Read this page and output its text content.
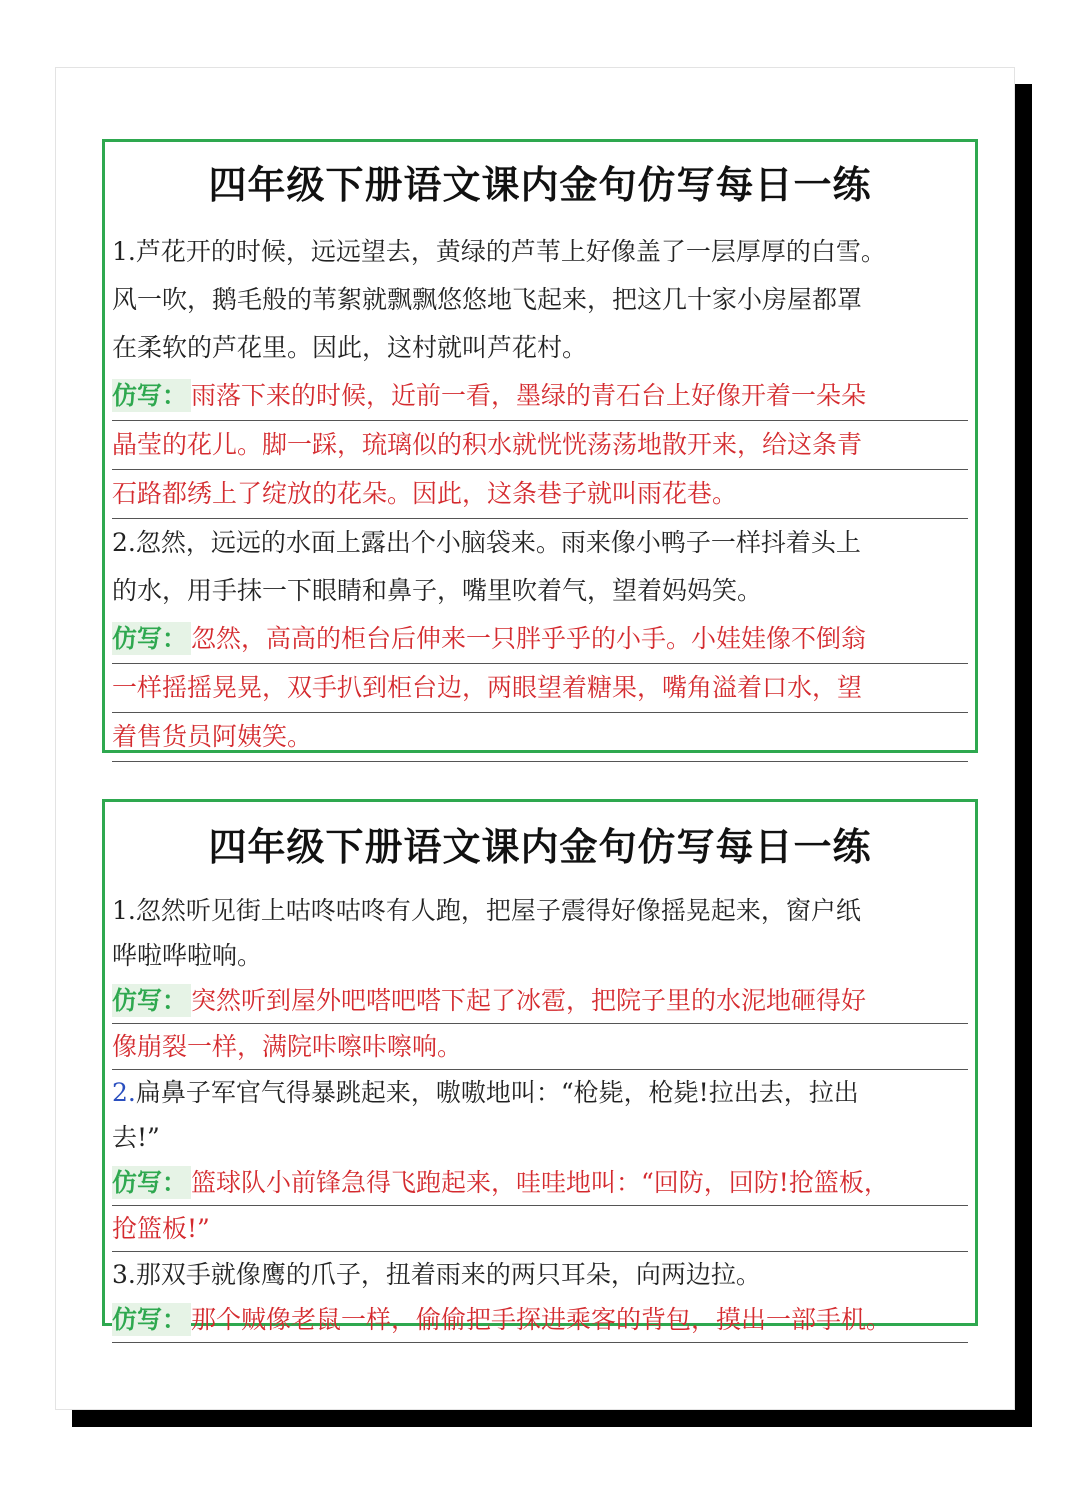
四年级下册语文课内金句仿写每日一练
1.芦花开的时候，远远望去，黄绿的芦苇上好像盖了一层厚厚的白雪。
风一吹，鹅毛般的苇絮就飘飘悠悠地飞起来，把这几十家小房屋都罩
在柔软的芦花里。因此，这村就叫芦花村。
仿写： 雨落下来的时候，近前一看，墨绿的青石台上好像开着一朵朵
晶莹的花儿。脚一踩，琉璃似的积水就恍恍荡荡地散开来，给这条青
石路都绣上了绽放的花朵。因此，这条巷子就叫雨花巷。
2.忽然，远远的水面上露出个小脑袋来。雨来像小鸭子一样抖着头上
的水，用手抹一下眼睛和鼻子，嘴里吹着气，望着妈妈笑。
仿写： 忽然，高高的柜台后伸来一只胖乎乎的小手。小娃娃像不倒翁
一样摇摇晃晃，双手扒到柜台边，两眼望着糖果，嘴角溢着口水，望
着售货员阿姨笑。
四年级下册语文课内金句仿写每日一练
1.忽然听见街上咕咚咕咚有人跑，把屋子震得好像摇晃起来，窗户纸
哗啦哗啦响。
仿写： 突然听到屋外吧嗒吧嗒下起了冰雹，把院子里的水泥地砸得好
像崩裂一样，满院咔嚓咔嚓响。
2.扁鼻子军官气得暴跳起来，嗷嗷地叫：“枪毙，枪毙!拉出去，拉出
去!”
仿写： 篮球队小前锋急得飞跑起来，哇哇地叫：“回防，回防!抢篮板，
抢篮板!”
3.那双手就像鹰的爪子，扭着雨来的两只耳朵，向两边拉。
仿写： 那个贼像老鼠一样，偷偷把手探进乘客的背包，摸出一部手机。
